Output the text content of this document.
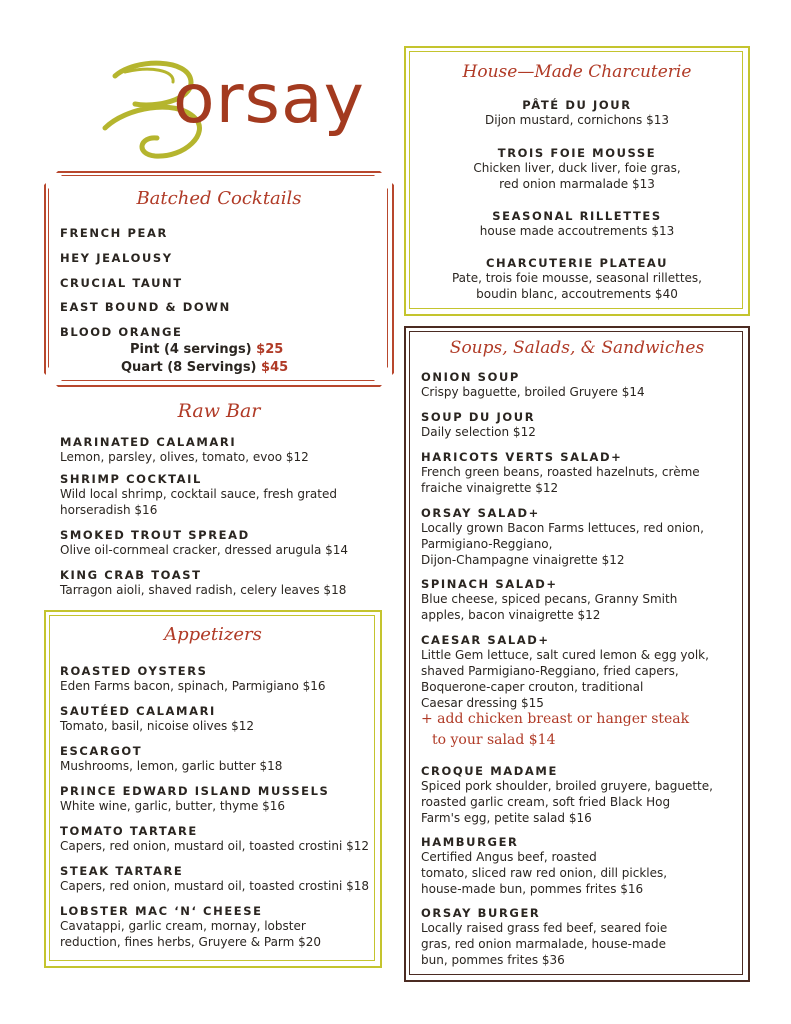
orsay
Batched Cocktails
FRENCH PEAR
HEY JEALOUSY
CRUCIAL TAUNT
EAST BOUND & DOWN
BLOOD ORANGE
Pint (4 servings) $25
Quart (8 Servings) $45
Raw Bar
MARINATED CALAMARI
Lemon, parsley, olives, tomato, evoo $12
SHRIMP COCKTAIL
Wild local shrimp, cocktail sauce, fresh grated
horseradish $16
SMOKED TROUT SPREAD
Olive oil-cornmeal cracker, dressed arugula $14
KING CRAB TOAST
Tarragon aioli, shaved radish, celery leaves $18
Appetizers
ROASTED OYSTERS
Eden Farms bacon, spinach, Parmigiano $16
SAUTÉED CALAMARI
Tomato, basil, nicoise olives $12
ESCARGOT
Mushrooms, lemon, garlic butter $18
PRINCE EDWARD ISLAND MUSSELS
White wine, garlic, butter, thyme $16
TOMATO TARTARE
Capers, red onion, mustard oil, toasted crostini $12
STEAK TARTARE
Capers, red onion, mustard oil, toasted crostini $18
LOBSTER MAC ‘N‘ CHEESE
Cavatappi, garlic cream, mornay, lobster
reduction, fines herbs, Gruyere & Parm $20
House—Made Charcuterie
PÂTÉ DU JOUR
Dijon mustard, cornichons $13
TROIS FOIE MOUSSE
Chicken liver, duck liver, foie gras,
red onion marmalade $13
SEASONAL RILLETTES
house made accoutrements $13
CHARCUTERIE PLATEAU
Pate, trois foie mousse, seasonal rillettes,
boudin blanc, accoutrements $40
Soups, Salads, & Sandwiches
ONION SOUP
Crispy baguette, broiled Gruyere $14
SOUP DU JOUR
Daily selection $12
HARICOTS VERTS SALAD+
French green beans, roasted hazelnuts, crème
fraiche vinaigrette $12
ORSAY SALAD+
Locally grown Bacon Farms lettuces, red onion,
Parmigiano-Reggiano,
Dijon-Champagne vinaigrette $12
SPINACH SALAD+
Blue cheese, spiced pecans, Granny Smith
apples, bacon vinaigrette $12
CAESAR SALAD+
Little Gem lettuce, salt cured lemon & egg yolk,
shaved Parmigiano-Reggiano, fried capers,
Boquerone-caper crouton, traditional
Caesar dressing $15
+ add chicken breast or hanger steak
to your salad $14
CROQUE MADAME
Spiced pork shoulder, broiled gruyere, baguette,
roasted garlic cream, soft fried Black Hog
Farm's egg, petite salad $16
HAMBURGER
Certified Angus beef, roasted
tomato, sliced raw red onion, dill pickles,
house-made bun, pommes frites $16
ORSAY BURGER
Locally raised grass fed beef, seared foie
gras, red onion marmalade, house-made
bun, pommes frites $36
